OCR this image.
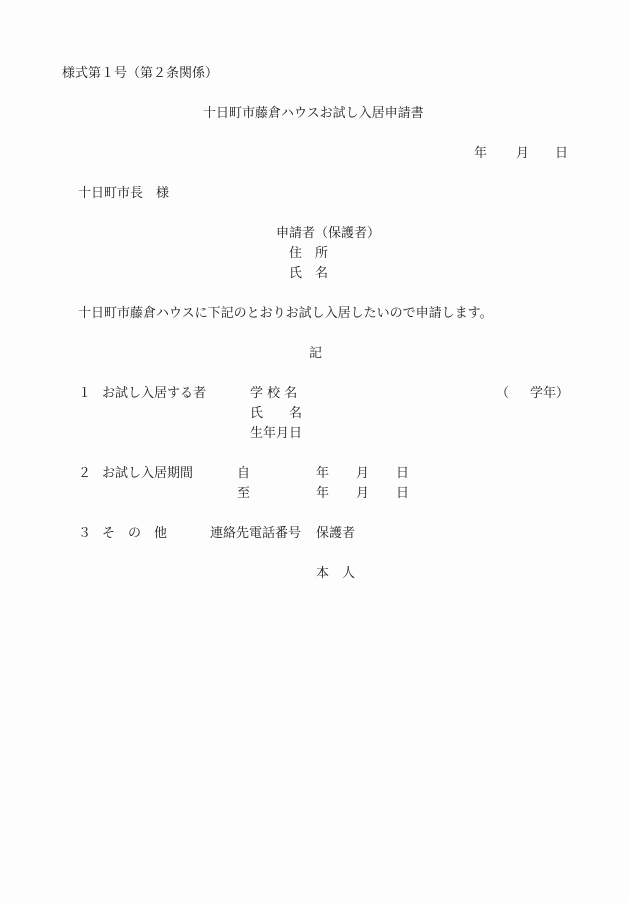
様式第１号（第２条関係）
十日町市藤倉ハウスお試し入居申請書
年 月 日
十日町市長　様
申請者（保護者）
住　所
氏　名
十日町市藤倉ハウスに下記のとおりお試し入居したいので申請します。
記
１ お試し入居する者	学 校 名	（ 学年）
氏　　名
生年月日
２ お試し入居期間	自	年 月 日
至	年 月 日
３ そ　の　他	連絡先電話番号 保護者
本　人
